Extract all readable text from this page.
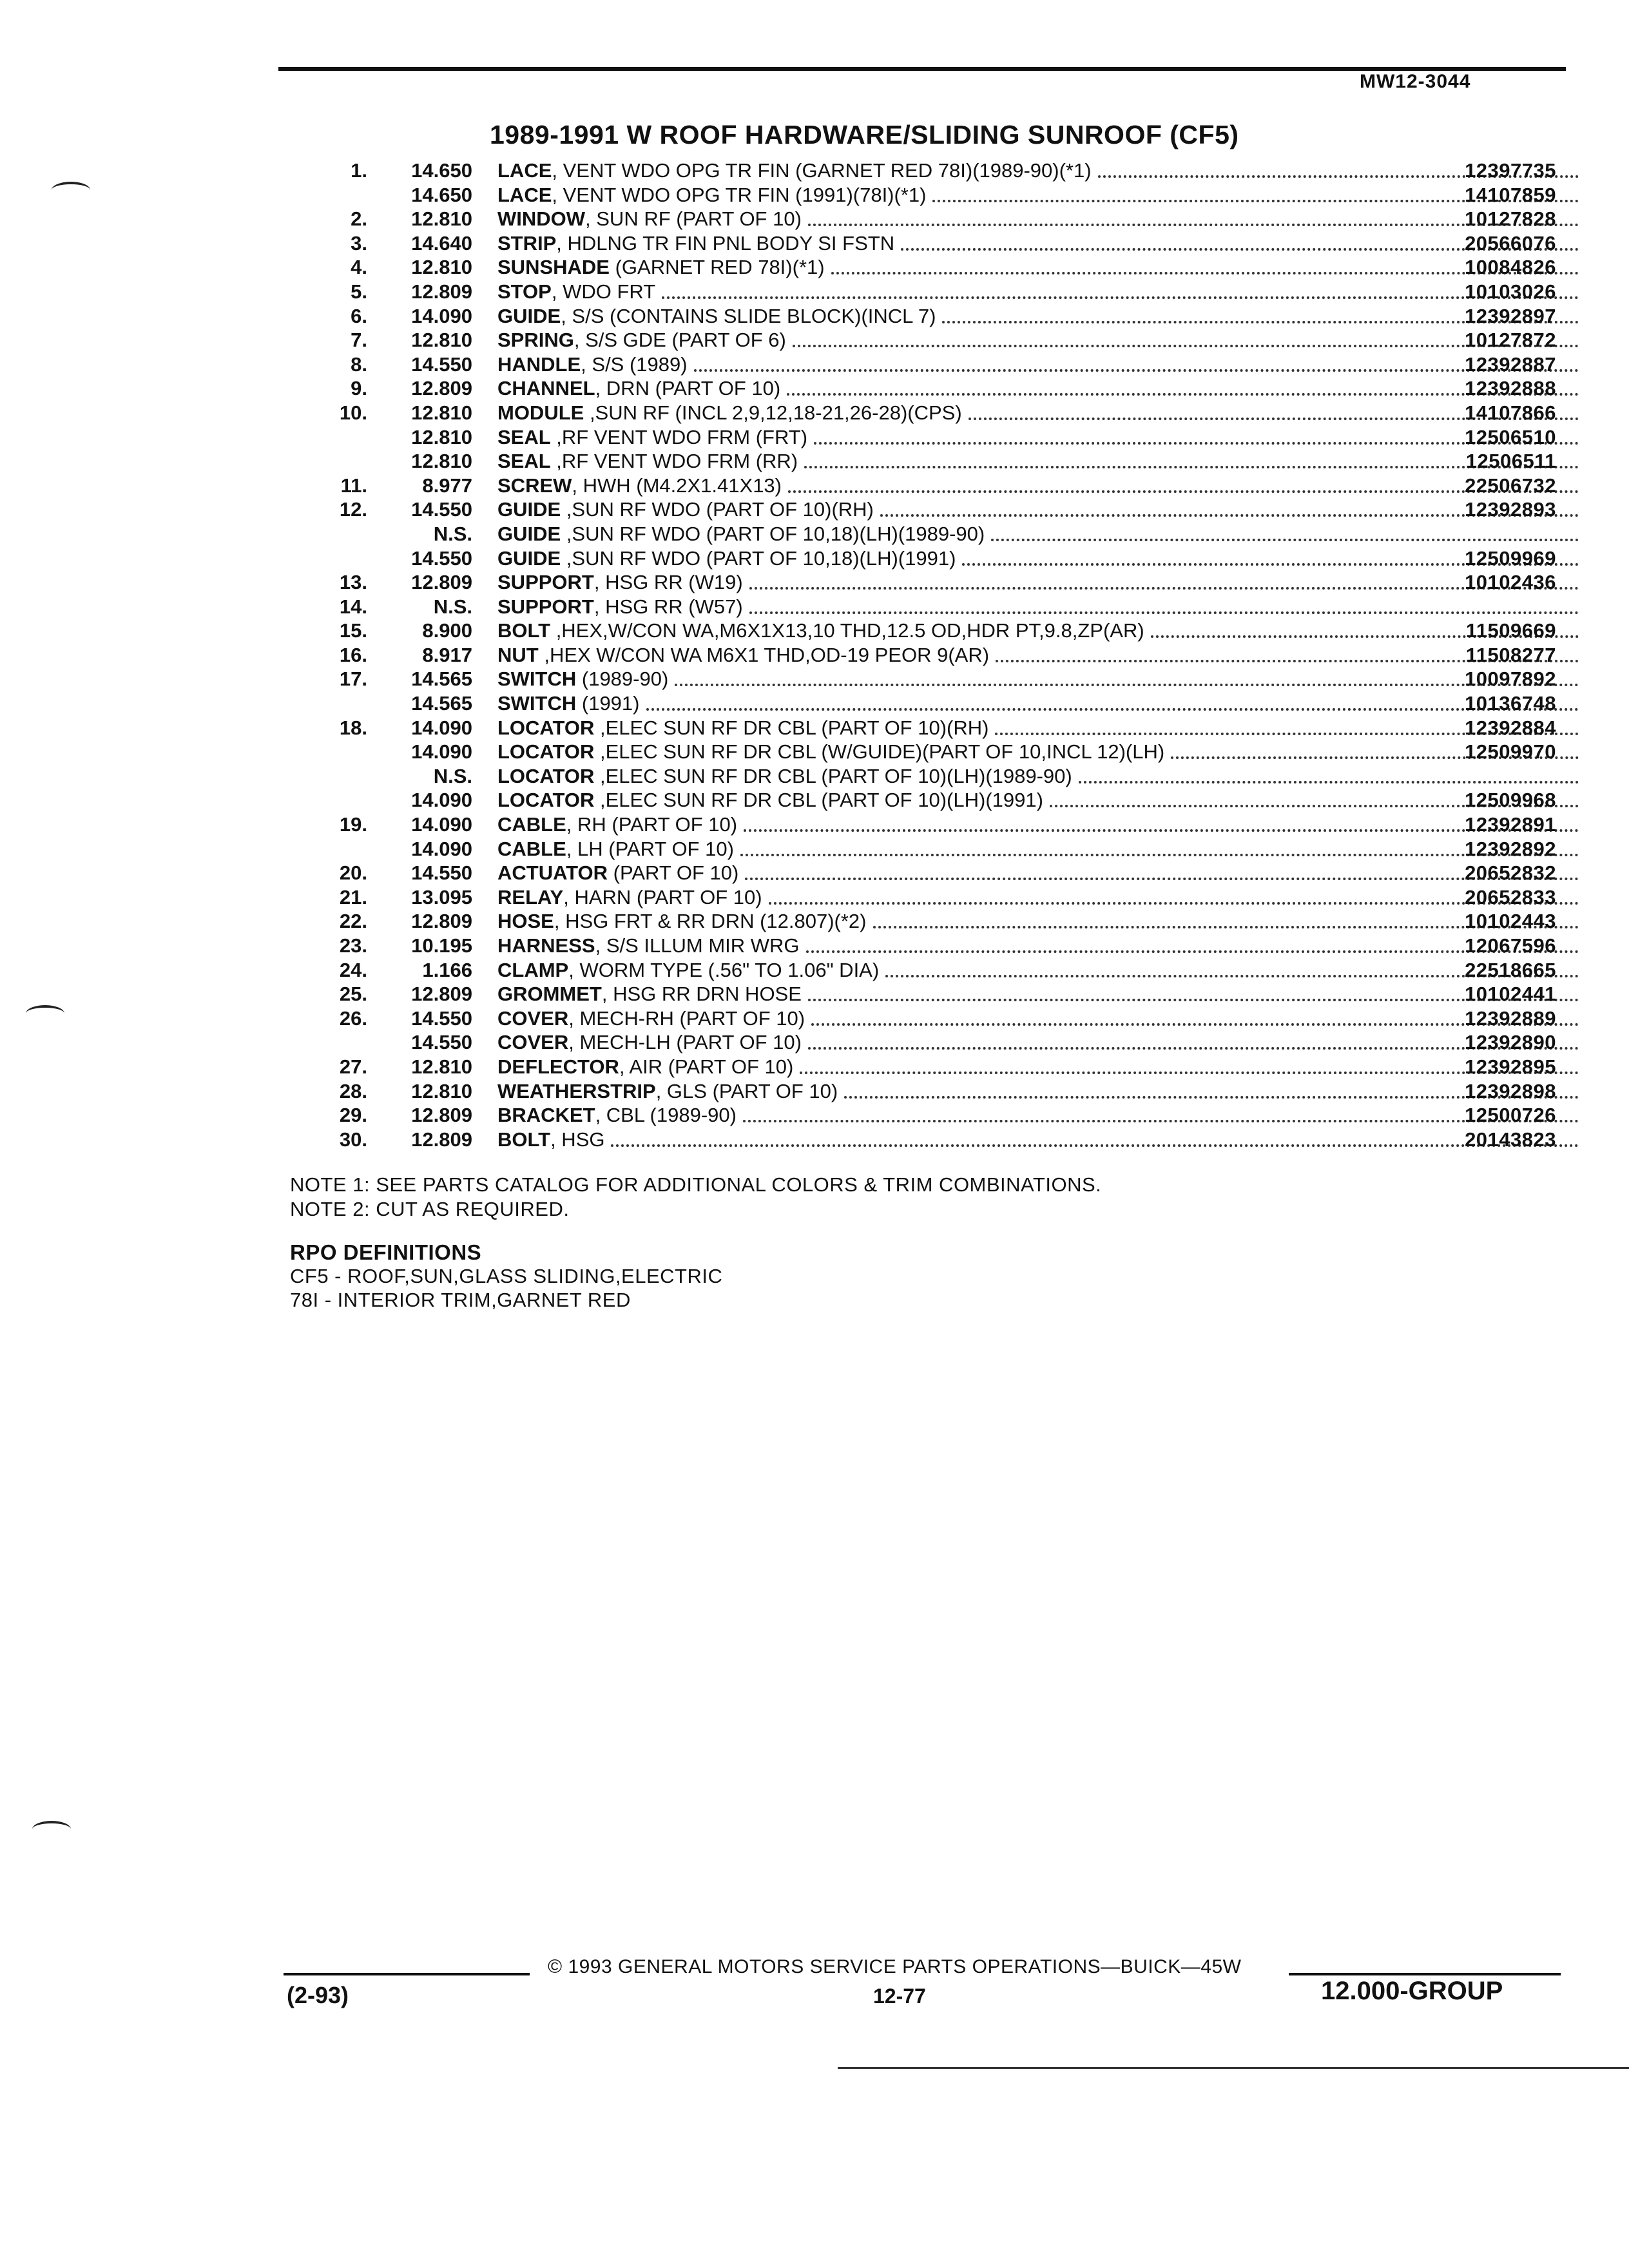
MW12-3044
1989-1991 W ROOF HARDWARE/SLIDING SUNROOF (CF5)
1.	14.650 LACE , VENT WDO OPG TR FIN (GARNET RED 78I)(1989-90)(*1)	12397735
14.650 LACE , VENT WDO OPG TR FIN (1991)(78I)(*1)	14107859
2.	12.810 WINDOW , SUN RF (PART OF 10)	10127828
3.	14.640 STRIP , HDLNG TR FIN PNL BODY SI FSTN	20566076
4.	12.810 SUNSHADE (GARNET RED 78I)(*1)	10084826
5.	12.809 STOP , WDO FRT	10103026
6.	14.090 GUIDE , S/S (CONTAINS SLIDE BLOCK)(INCL 7)	12392897
7.	12.810 SPRING , S/S GDE (PART OF 6)	10127872
8.	14.550 HANDLE , S/S (1989)	12392887
9.	12.809 CHANNEL , DRN (PART OF 10)	12392888
10.	12.810 MODULE ,SUN RF (INCL 2,9,12,18-21,26-28)(CPS)	14107866
12.810 SEAL ,RF VENT WDO FRM (FRT)	12506510
12.810 SEAL ,RF VENT WDO FRM (RR)	12506511
11.	8.977 SCREW , HWH (M4.2X1.41X13)	22506732
12.	14.550 GUIDE ,SUN RF WDO (PART OF 10)(RH)	12392893
N.S. GUIDE ,SUN RF WDO (PART OF 10,18)(LH)(1989-90)
14.550 GUIDE ,SUN RF WDO (PART OF 10,18)(LH)(1991)	12509969
13.	12.809 SUPPORT , HSG RR (W19)	10102436
14.	N.S. SUPPORT , HSG RR (W57)
15.	8.900 BOLT ,HEX,W/CON WA,M6X1X13,10 THD,12.5 OD,HDR PT,9.8,ZP(AR)	11509669
16.	8.917 NUT ,HEX W/CON WA M6X1 THD,OD-19 PEOR 9(AR)	11508277
17.	14.565 SWITCH (1989-90)	10097892
14.565 SWITCH (1991)	10136748
18.	14.090 LOCATOR ,ELEC SUN RF DR CBL (PART OF 10)(RH)	12392884
14.090 LOCATOR ,ELEC SUN RF DR CBL (W/GUIDE)(PART OF 10,INCL 12)(LH)	12509970
N.S. LOCATOR ,ELEC SUN RF DR CBL (PART OF 10)(LH)(1989-90)
14.090 LOCATOR ,ELEC SUN RF DR CBL (PART OF 10)(LH)(1991)	12509968
19.	14.090 CABLE , RH (PART OF 10)	12392891
14.090 CABLE , LH (PART OF 10)	12392892
20.	14.550 ACTUATOR (PART OF 10)	20652832
21.	13.095 RELAY , HARN (PART OF 10)	20652833
22.	12.809 HOSE , HSG FRT & RR DRN (12.807)(*2)	10102443
23.	10.195 HARNESS , S/S ILLUM MIR WRG	12067596
24.	1.166 CLAMP , WORM TYPE (.56" TO 1.06" DIA)	22518665
25.	12.809 GROMMET , HSG RR DRN HOSE	10102441
26.	14.550 COVER , MECH-RH (PART OF 10)	12392889
14.550 COVER , MECH-LH (PART OF 10)	12392890
27.	12.810 DEFLECTOR , AIR (PART OF 10)	12392895
28.	12.810 WEATHERSTRIP , GLS (PART OF 10)	12392898
29.	12.809 BRACKET , CBL (1989-90)	12500726
30.	12.809 BOLT , HSG	20143823
NOTE 1: SEE PARTS CATALOG FOR ADDITIONAL COLORS & TRIM COMBINATIONS.
NOTE 2: CUT AS REQUIRED.
RPO DEFINITIONS
CF5 - ROOF,SUN,GLASS SLIDING,ELECTRIC
78I - INTERIOR TRIM,GARNET RED
© 1993 GENERAL MOTORS SERVICE PARTS OPERATIONS—BUICK—45W
(2-93)	12-77	12.000-GROUP
